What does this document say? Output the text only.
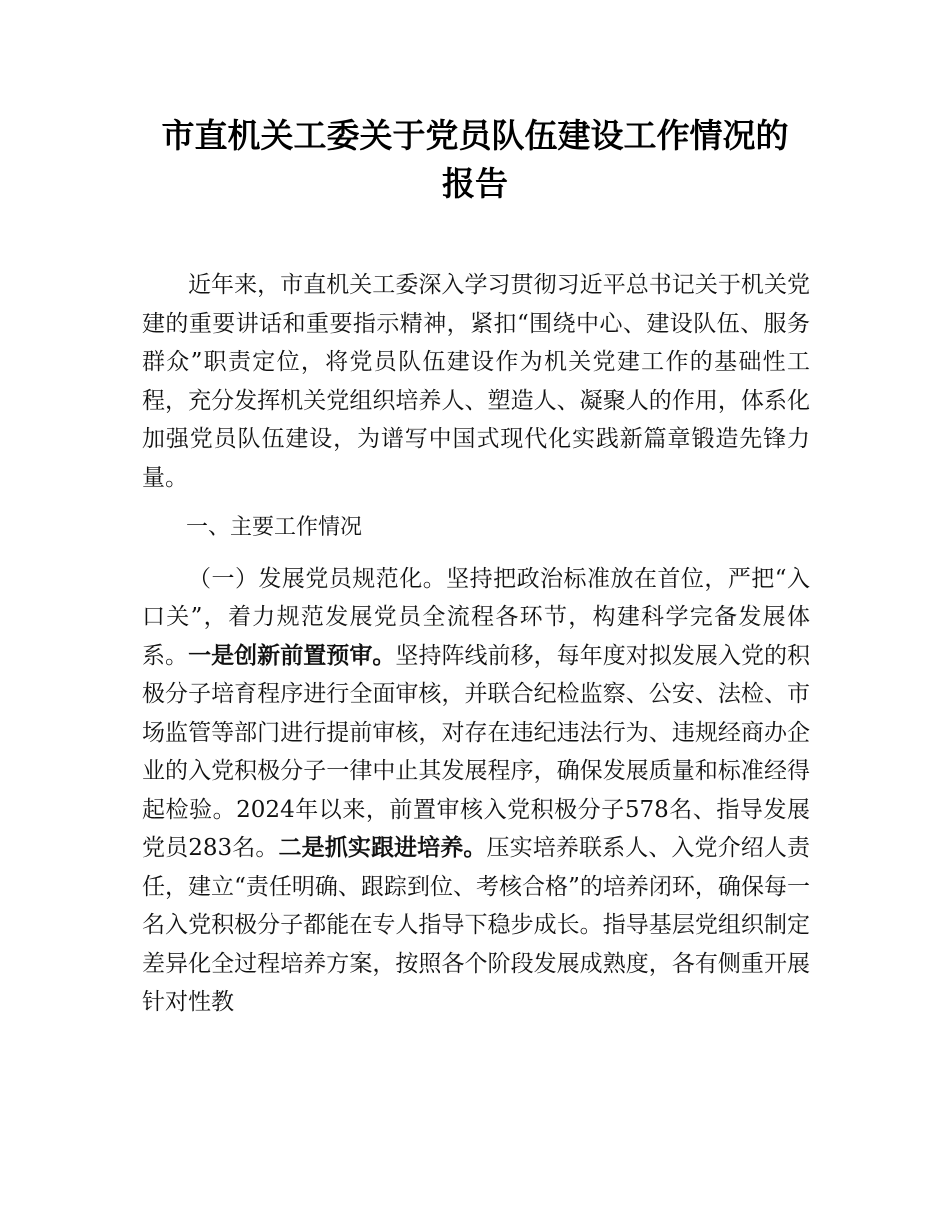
市直机关工委关于党员队伍建设工作情况的
报告

近年来，市直机关工委深入学习贯彻习近平总书记关于机关党建的重要讲话和重要指示精神，紧扣“围绕中心、建设队伍、服务群众”职责定位，将党员队伍建设作为机关党建工作的基础性工程，充分发挥机关党组织培养人、塑造人、凝聚人的作用，体系化加强党员队伍建设，为谱写中国式现代化实践新篇章锻造先锋力量。

一、主要工作情况

（一）发展党员规范化。坚持把政治标准放在首位，严把“入口关”，着力规范发展党员全流程各环节，构建科学完备发展体系。一是创新前置预审。坚持阵线前移，每年度对拟发展入党的积极分子培育程序进行全面审核，并联合纪检监察、公安、法检、市场监管等部门进行提前审核，对存在违纪违法行为、违规经商办企业的入党积极分子一律中止其发展程序，确保发展质量和标准经得起检验。2024年以来，前置审核入党积极分子578名、指导发展党员283名。二是抓实跟进培养。压实培养联系人、入党介绍人责任，建立“责任明确、跟踪到位、考核合格”的培养闭环，确保每一名入党积极分子都能在专人指导下稳步成长。指导基层党组织制定差异化全过程培养方案，按照各个阶段发展成熟度，各有侧重开展针对性教
